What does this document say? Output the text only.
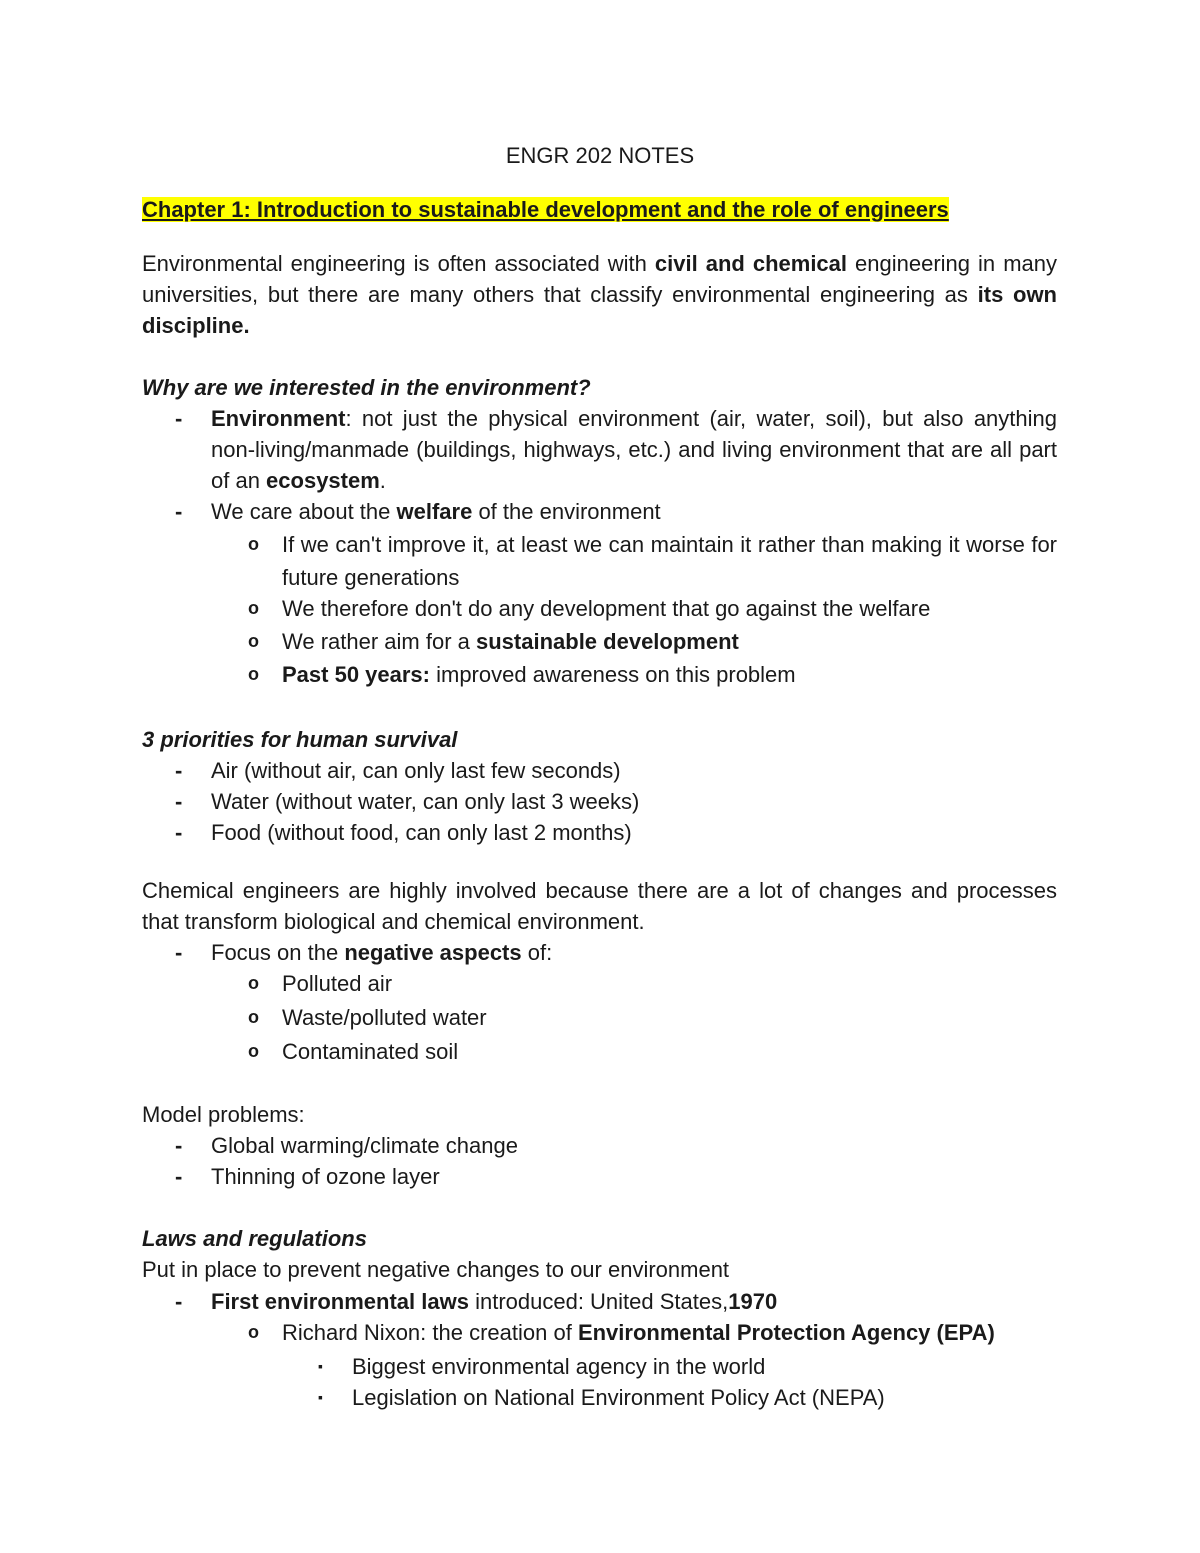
ENGR 202 NOTES
Chapter 1: Introduction to sustainable development and the role of engineers
Environmental engineering is often associated with civil and chemical engineering in many universities, but there are many others that classify environmental engineering as its own discipline.
Why are we interested in the environment?
- Environment: not just the physical environment (air, water, soil), but also anything non-living/manmade (buildings, highways, etc.) and living environment that are all part of an ecosystem.
- We care about the welfare of the environment
o If we can't improve it, at least we can maintain it rather than making it worse for future generations
o We therefore don't do any development that go against the welfare
o We rather aim for a sustainable development
o Past 50 years: improved awareness on this problem
3 priorities for human survival
- Air (without air, can only last few seconds)
- Water (without water, can only last 3 weeks)
- Food (without food, can only last 2 months)
Chemical engineers are highly involved because there are a lot of changes and processes that transform biological and chemical environment.
- Focus on the negative aspects of:
o Polluted air
o Waste/polluted water
o Contaminated soil
Model problems:
- Global warming/climate change
- Thinning of ozone layer
Laws and regulations
Put in place to prevent negative changes to our environment
- First environmental laws introduced: United States,1970
o Richard Nixon: the creation of Environmental Protection Agency (EPA)
▪ Biggest environmental agency in the world
▪ Legislation on National Environment Policy Act (NEPA)
